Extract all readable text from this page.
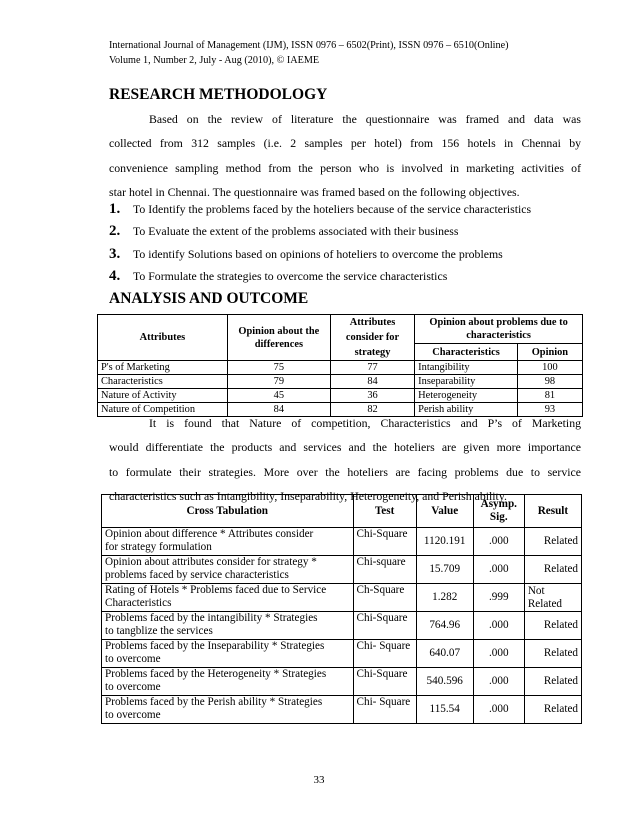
International Journal of Management (IJM), ISSN 0976 – 6502(Print), ISSN 0976 – 6510(Online)
Volume 1, Number 2, July - Aug (2010), © IAEME
RESEARCH METHODOLOGY
Based on the review of literature the questionnaire was framed and data was
collected from 312 samples (i.e. 2 samples per hotel) from 156 hotels in Chennai by
convenience sampling method from the person who is involved in marketing activities of
star hotel in Chennai. The questionnaire was framed based on the following objectives.
1. To Identify the problems faced by the hoteliers because of the service characteristics
2. To Evaluate the extent of the problems associated with their business
3. To identify Solutions based on opinions of hoteliers to overcome the problems
4. To Formulate the strategies to overcome the service characteristics
ANALYSIS AND OUTCOME
Attributes	Opinion about the differences	Attributes consider for strategy	Opinion about problems due to characteristics	
			Characteristics	Opinion
P's of Marketing	75	77	Intangibility	100
Characteristics	79	84	Inseparability	98
Nature of Activity	45	36	Heterogeneity	81
Nature of Competition	84	82	Perish ability	93
It is found that Nature of competition, Characteristics and P’s of Marketing
would differentiate the products and services and the hoteliers are given more importance
to formulate their strategies. More over the hoteliers are facing problems due to service
characteristics such as Intangibility, Inseparability, Heterogeneity, and Perish ability.
Cross Tabulation	Test	Value	Asymp. Sig.	Result
Opinion about difference * Attributes consider
for strategy formulation	Chi-Square	1120.191	.000	Related
Opinion about attributes consider for strategy *
problems faced by service characteristics	Chi-square	15.709	.000	Related
Rating of Hotels * Problems faced due to Service
Characteristics	Ch-Square	1.282	.999	Not Related
Problems faced by the intangibility * Strategies
to tangblize the services	Chi-Square	764.96	.000	Related
Problems faced by the Inseparability * Strategies
to overcome	Chi- Square	640.07	.000	Related
Problems faced by the Heterogeneity * Strategies
to overcome	Chi-Square	540.596	.000	Related
Problems faced by the Perish ability * Strategies
to overcome	Chi- Square	115.54	.000	Related
33
